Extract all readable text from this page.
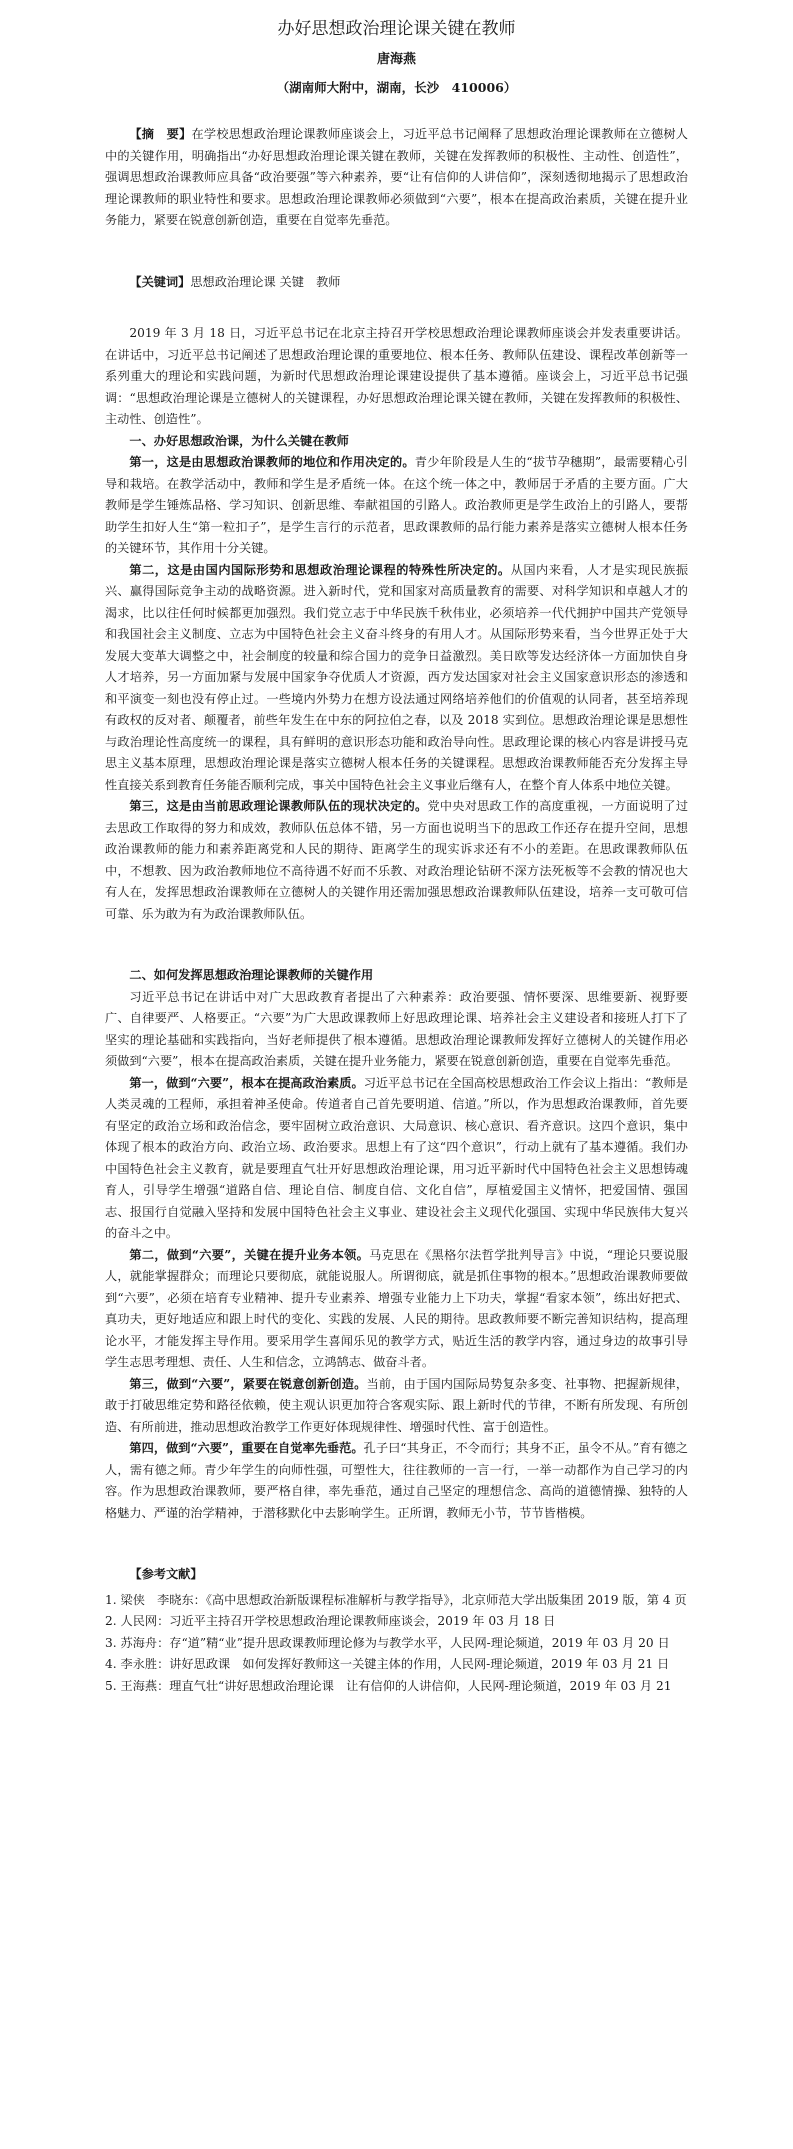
办好思想政治理论课关键在教师
唐海燕
（湖南师大附中，湖南，长沙　410006）

【摘　要】在学校思想政治理论课教师座谈会上，习近平总书记阐释了思想政治理论课教师在立德树人中的关键作用，明确指出“办好思想政治理论课关键在教师，关键在发挥教师的积极性、主动性、创造性”，强调思想政治课教师应具备“政治要强”等六种素养，要“让有信仰的人讲信仰”，深刻透彻地揭示了思想政治理论课教师的职业特性和要求。思想政治理论课教师必须做到“六要”，根本在提高政治素质，关键在提升业务能力，紧要在锐意创新创造，重要在自觉率先垂范。

【关键词】思想政治理论课 关键　教师

2019 年 3 月 18 日，习近平总书记在北京主持召开学校思想政治理论课教师座谈会并发表重要讲话。在讲话中，习近平总书记阐述了思想政治理论课的重要地位、根本任务、教师队伍建设、课程改革创新等一系列重大的理论和实践问题，为新时代思想政治理论课建设提供了基本遵循。座谈会上，习近平总书记强调：“思想政治理论课是立德树人的关键课程，办好思想政治理论课关键在教师，关键在发挥教师的积极性、主动性、创造性”。

一、办好思想政治课，为什么关键在教师

第一，这是由思想政治课教师的地位和作用决定的。青少年阶段是人生的“拔节孕穗期”，最需要精心引导和栽培。在教学活动中，教师和学生是矛盾统一体。在这个统一体之中，教师居于矛盾的主要方面。广大教师是学生锤炼品格、学习知识、创新思维、奉献祖国的引路人。政治教师更是学生政治上的引路人，要帮助学生扣好人生“第一粒扣子”，是学生言行的示范者，思政课教师的品行能力素养是落实立德树人根本任务的关键环节，其作用十分关键。

第二，这是由国内国际形势和思想政治理论课程的特殊性所决定的。从国内来看，人才是实现民族振兴、赢得国际竞争主动的战略资源。进入新时代，党和国家对高质量教育的需要、对科学知识和卓越人才的渴求，比以往任何时候都更加强烈。我们党立志于中华民族千秋伟业，必须培养一代代拥护中国共产党领导和我国社会主义制度、立志为中国特色社会主义奋斗终身的有用人才。从国际形势来看，当今世界正处于大发展大变革大调整之中，社会制度的较量和综合国力的竞争日益激烈。美日欧等发达经济体一方面加快自身人才培养，另一方面加紧与发展中国家争夺优质人才资源，西方发达国家对社会主义国家意识形态的渗透和和平演变一刻也没有停止过。一些境内外势力在想方设法通过网络培养他们的价值观的认同者，甚至培养现有政权的反对者、颠覆者，前些年发生在中东的阿拉伯之春，以及 2018 实到位。思想政治理论课是思想性与政治理论性高度统一的课程，具有鲜明的意识形态功能和政治导向性。思政理论课的核心内容是讲授马克思主义基本原理，思想政治理论课是落实立德树人根本任务的关键课程。思想政治课教师能否充分发挥主导性直接关系到教育任务能否顺利完成，事关中国特色社会主义事业后继有人，在整个育人体系中地位关键。

第三，这是由当前思政理论课教师队伍的现状决定的。党中央对思政工作的高度重视，一方面说明了过去思政工作取得的努力和成效，教师队伍总体不错，另一方面也说明当下的思政工作还存在提升空间，思想政治课教师的能力和素养距离党和人民的期待、距离学生的现实诉求还有不小的差距。在思政课教师队伍中，不想教、因为政治教师地位不高待遇不好而不乐教、对政治理论钻研不深方法死板等不会教的情况也大有人在，发挥思想政治课教师在立德树人的关键作用还需加强思想政治课教师队伍建设，培养一支可敬可信可靠、乐为敢为有为政治课教师队伍。

二、如何发挥思想政治理论课教师的关键作用

习近平总书记在讲话中对广大思政教育者提出了六种素养：政治要强、情怀要深、思维要新、视野要广、自律要严、人格要正。“六要”为广大思政课教师上好思政理论课、培养社会主义建设者和接班人打下了坚实的理论基础和实践指向，当好老师提供了根本遵循。思想政治理论课教师发挥好立德树人的关键作用必须做到“六要”，根本在提高政治素质，关键在提升业务能力，紧要在锐意创新创造，重要在自觉率先垂范。

第一，做到“六要”，根本在提高政治素质。习近平总书记在全国高校思想政治工作会议上指出：“教师是人类灵魂的工程师，承担着神圣使命。传道者自己首先要明道、信道。”所以，作为思想政治课教师，首先要有坚定的政治立场和政治信念，要牢固树立政治意识、大局意识、核心意识、看齐意识。这四个意识，集中体现了根本的政治方向、政治立场、政治要求。思想上有了这“四个意识”，行动上就有了基本遵循。我们办中国特色社会主义教育，就是要理直气壮开好思想政治理论课，用习近平新时代中国特色社会主义思想铸魂育人，引导学生增强“道路自信、理论自信、制度自信、文化自信”，厚植爱国主义情怀，把爱国情、强国志、报国行自觉融入坚持和发展中国特色社会主义事业、建设社会主义现代化强国、实现中华民族伟大复兴的奋斗之中。

第二，做到“六要”，关键在提升业务本领。马克思在《黑格尔法哲学批判导言》中说，“理论只要说服人，就能掌握群众；而理论只要彻底，就能说服人。所谓彻底，就是抓住事物的根本。”思想政治课教师要做到“六要”，必须在培育专业精神、提升专业素养、增强专业能力上下功夫，掌握“看家本领”，练出好把式、真功夫，更好地适应和跟上时代的变化、实践的发展、人民的期待。思政教师要不断完善知识结构，提高理论水平，才能发挥主导作用。要采用学生喜闻乐见的教学方式，贴近生活的教学内容，通过身边的故事引导学生志思考理想、责任、人生和信念，立鸿鹄志、做奋斗者。

第三，做到“六要”，紧要在锐意创新创造。当前，由于国内国际局势复杂多变、社事物、把握新规律，敢于打破思维定势和路径依赖，使主观认识更加符合客观实际、跟上新时代的节律，不断有所发现、有所创造、有所前进，推动思想政治教学工作更好体现规律性、增强时代性、富于创造性。

第四，做到“六要”，重要在自觉率先垂范。孔子曰“其身正，不令而行；其身不正，虽令不从。”育有德之人，需有德之师。青少年学生的向师性强，可塑性大，往往教师的一言一行，一举一动都作为自己学习的内容。作为思想政治课教师，要严格自律，率先垂范，通过自己坚定的理想信念、高尚的道德情操、独特的人格魅力、严谨的治学精神，于潜移默化中去影响学生。正所谓，教师无小节，节节皆楷模。

【参考文献】

1. 梁侠　李晓东：《高中思想政治新版课程标准解析与教学指导》，北京师范大学出版集团 2019 版，第 4 页

2. 人民网：习近平主持召开学校思想政治理论课教师座谈会，2019 年 03 月 18 日

3. 苏海舟：存“道”精“业”提升思政课教师理论修为与教学水平，人民网-理论频道，2019 年 03 月 20 日

4. 李永胜：讲好思政课　如何发挥好教师这一关键主体的作用，人民网-理论频道，2019 年 03 月 21 日

5. 王海燕：理直气壮“讲好思想政治理论课　让有信仰的人讲信仰，人民网-理论频道，2019 年 03 月 21
